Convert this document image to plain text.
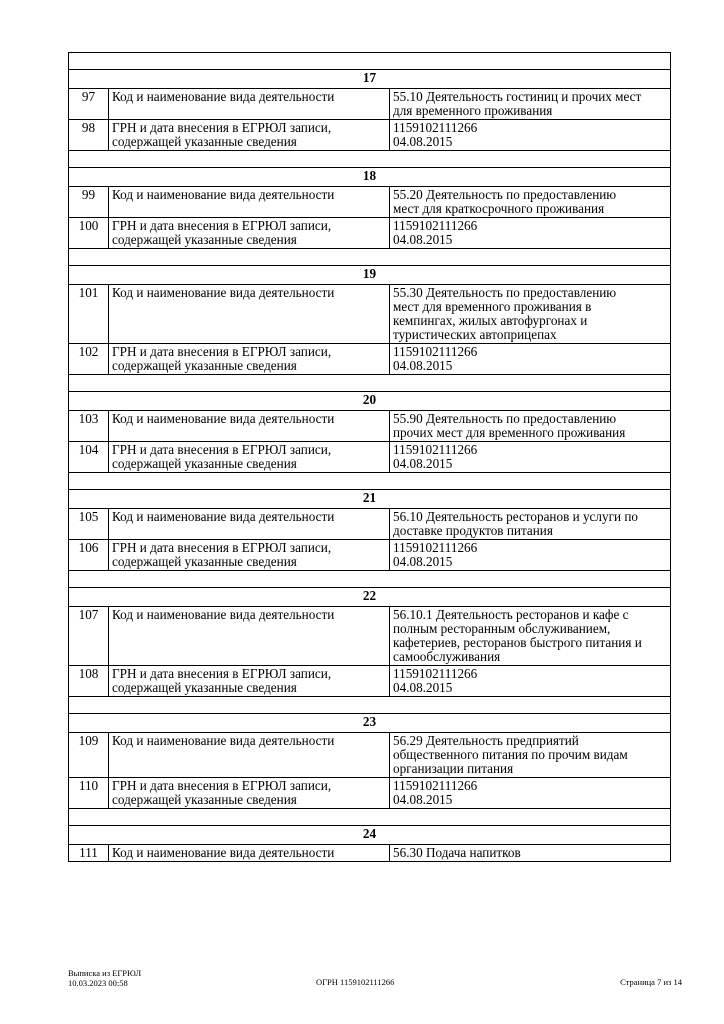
17		
97	Код и наименование вида деятельности	55.10 Деятельность гостиниц и прочих мест
для временного проживания

98	ГРН и дата внесения в ЕГРЮЛ записи,
содержащей указанные сведения	1159102111266
04.08.2015

18		
99	Код и наименование вида деятельности	55.20 Деятельность по предоставлению
мест для краткосрочного проживания

100	ГРН и дата внесения в ЕГРЮЛ записи,
содержащей указанные сведения	1159102111266
04.08.2015

19		
101	Код и наименование вида деятельности	55.30 Деятельность по предоставлению
мест для временного проживания в
кемпингах, жилых автофургонах и
туристических автоприцепах

102	ГРН и дата внесения в ЕГРЮЛ записи,
содержащей указанные сведения	1159102111266
04.08.2015

20		
103	Код и наименование вида деятельности	55.90 Деятельность по предоставлению
прочих мест для временного проживания

104	ГРН и дата внесения в ЕГРЮЛ записи,
содержащей указанные сведения	1159102111266
04.08.2015

21		
105	Код и наименование вида деятельности	56.10 Деятельность ресторанов и услуги по
доставке продуктов питания

106	ГРН и дата внесения в ЕГРЮЛ записи,
содержащей указанные сведения	1159102111266
04.08.2015

22		
107	Код и наименование вида деятельности	56.10.1 Деятельность ресторанов и кафе с
полным ресторанным обслуживанием,
кафетериев, ресторанов быстрого питания и
самообслуживания

108	ГРН и дата внесения в ЕГРЮЛ записи,
содержащей указанные сведения	1159102111266
04.08.2015

23		
109	Код и наименование вида деятельности	56.29 Деятельность предприятий
общественного питания по прочим видам
организации питания

110	ГРН и дата внесения в ЕГРЮЛ записи,
содержащей указанные сведения	1159102111266
04.08.2015

24		
111	Код и наименование вида деятельности	56.30 Подача напитков
Выписка из ЕГРЮЛ
10.03.2023 00:58	ОГРН 1159102111266	Страница 7 из 14
